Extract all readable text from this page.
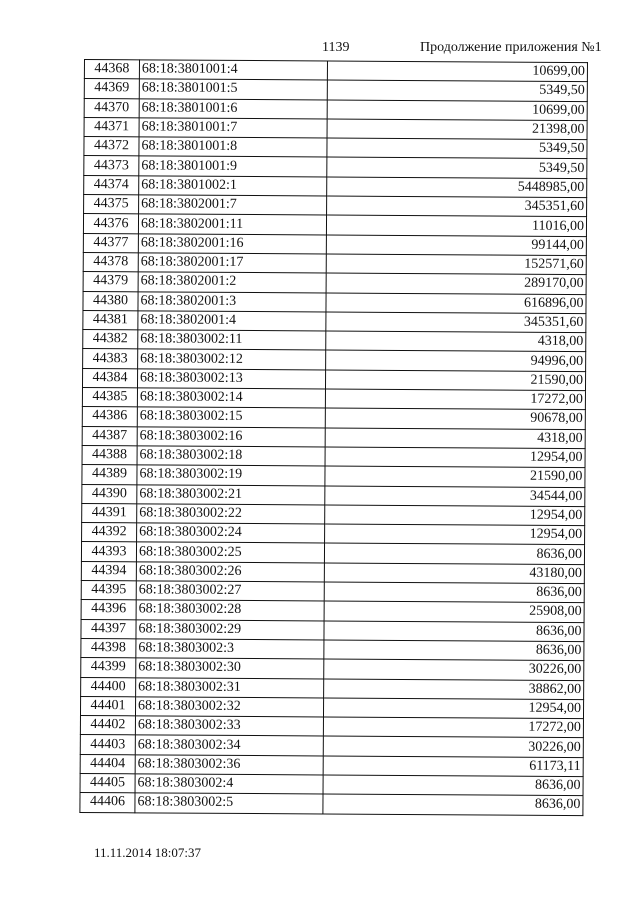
1139	Продолжение приложения №1
44368	68:18:3801001:4	10699,00
44369	68:18:3801001:5	5349,50
44370	68:18:3801001:6	10699,00
44371	68:18:3801001:7	21398,00
44372	68:18:3801001:8	5349,50
44373	68:18:3801001:9	5349,50
44374	68:18:3801002:1	5448985,00
44375	68:18:3802001:7	345351,60
44376	68:18:3802001:11	11016,00
44377	68:18:3802001:16	99144,00
44378	68:18:3802001:17	152571,60
44379	68:18:3802001:2	289170,00
44380	68:18:3802001:3	616896,00
44381	68:18:3802001:4	345351,60
44382	68:18:3803002:11	4318,00
44383	68:18:3803002:12	94996,00
44384	68:18:3803002:13	21590,00
44385	68:18:3803002:14	17272,00
44386	68:18:3803002:15	90678,00
44387	68:18:3803002:16	4318,00
44388	68:18:3803002:18	12954,00
44389	68:18:3803002:19	21590,00
44390	68:18:3803002:21	34544,00
44391	68:18:3803002:22	12954,00
44392	68:18:3803002:24	12954,00
44393	68:18:3803002:25	8636,00
44394	68:18:3803002:26	43180,00
44395	68:18:3803002:27	8636,00
44396	68:18:3803002:28	25908,00
44397	68:18:3803002:29	8636,00
44398	68:18:3803002:3	8636,00
44399	68:18:3803002:30	30226,00
44400	68:18:3803002:31	38862,00
44401	68:18:3803002:32	12954,00
44402	68:18:3803002:33	17272,00
44403	68:18:3803002:34	30226,00
44404	68:18:3803002:36	61173,11
44405	68:18:3803002:4	8636,00
44406	68:18:3803002:5	8636,00
11.11.2014 18:07:37
